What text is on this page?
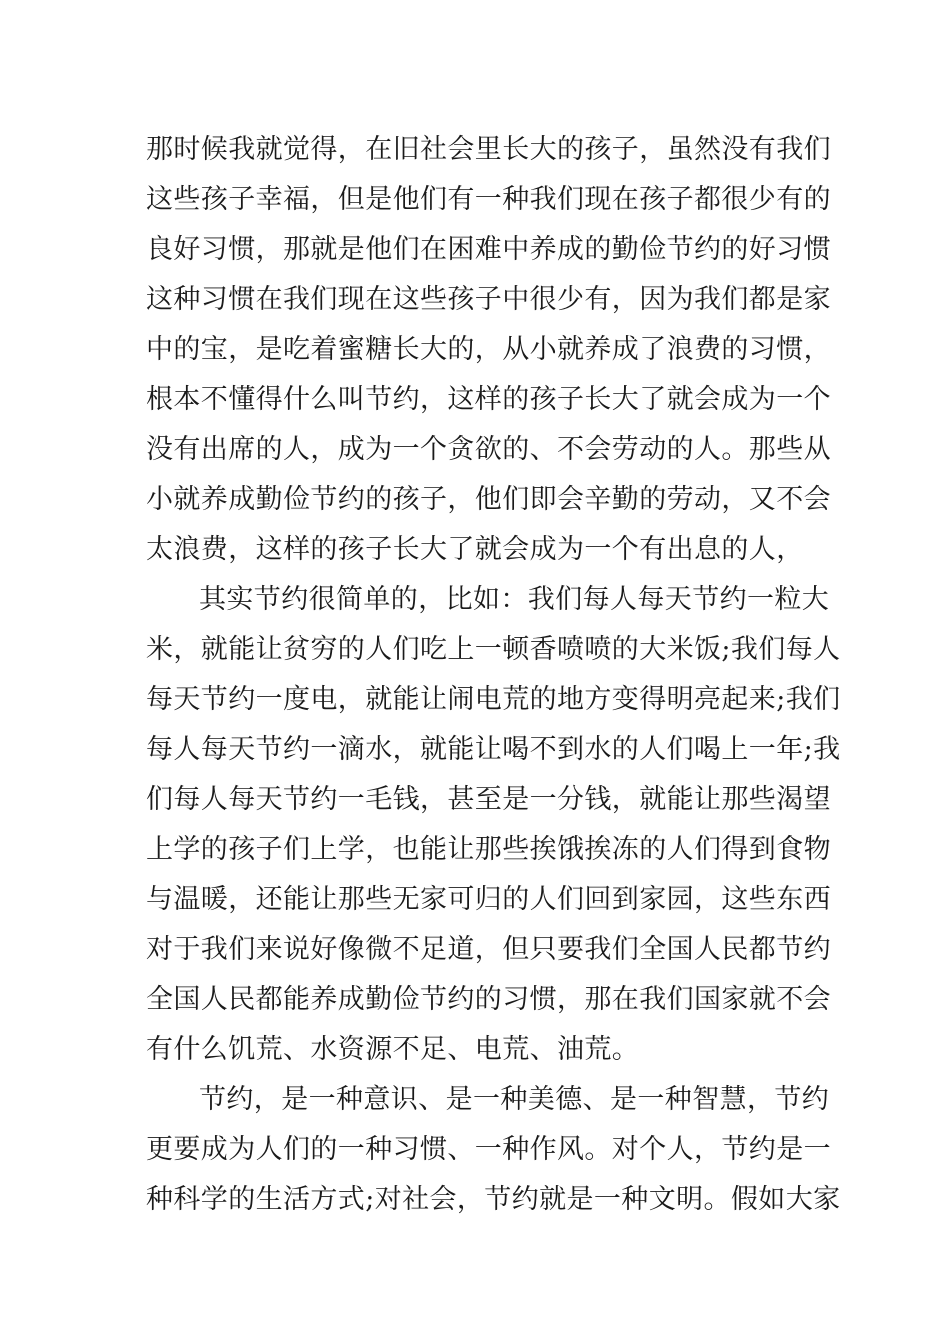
那时候我就觉得，在旧社会里长大的孩子，虽然没有我们
这些孩子幸福，但是他们有一种我们现在孩子都很少有的
良好习惯，那就是他们在困难中养成的勤俭节约的好习惯
这种习惯在我们现在这些孩子中很少有，因为我们都是家
中的宝，是吃着蜜糖长大的，从小就养成了浪费的习惯，
根本不懂得什么叫节约，这样的孩子长大了就会成为一个
没有出席的人，成为一个贪欲的、不会劳动的人。那些从
小就养成勤俭节约的孩子，他们即会辛勤的劳动，又不会
太浪费，这样的孩子长大了就会成为一个有出息的人，
其实节约很简单的，比如：我们每人每天节约一粒大
米，就能让贫穷的人们吃上一顿香喷喷的大米饭;我们每人
每天节约一度电，就能让闹电荒的地方变得明亮起来;我们
每人每天节约一滴水，就能让喝不到水的人们喝上一年;我
们每人每天节约一毛钱，甚至是一分钱，就能让那些渴望
上学的孩子们上学，也能让那些挨饿挨冻的人们得到食物
与温暖，还能让那些无家可归的人们回到家园，这些东西
对于我们来说好像微不足道，但只要我们全国人民都节约
全国人民都能养成勤俭节约的习惯，那在我们国家就不会
有什么饥荒、水资源不足、电荒、油荒。
节约，是一种意识、是一种美德、是一种智慧，节约
更要成为人们的一种习惯、一种作风。对个人，节约是一
种科学的生活方式;对社会，节约就是一种文明。假如大家
